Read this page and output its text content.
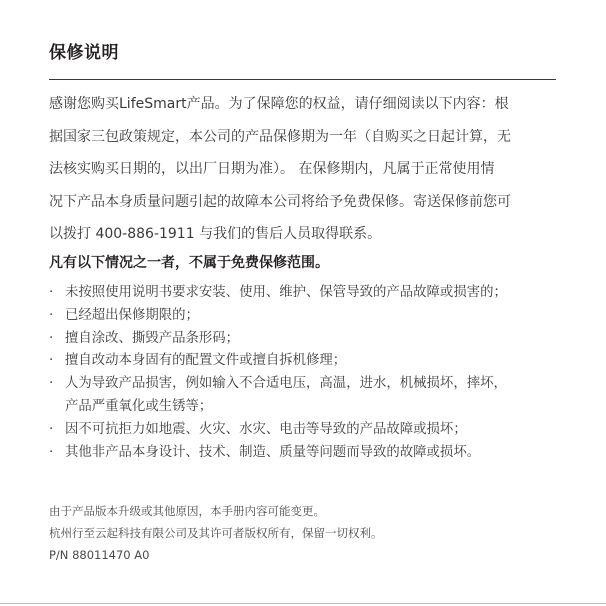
保修说明
感谢您购买LifeSmart产品。为了保障您的权益，请仔细阅读以下内容：根
据国家三包政策规定，本公司的产品保修期为一年（自购买之日起计算，无
法核实购买日期的，以出厂日期为准）。 在保修期内，凡属于正常使用情
况下产品本身质量问题引起的故障本公司将给予免费保修。寄送保修前您可
以拨打 400-886-1911 与我们的售后人员取得联系。
凡有以下情况之一者，不属于免费保修范围。
· 未按照使用说明书要求安装、使用、维护、保管导致的产品故障或损害的；
· 已经超出保修期限的；
· 擅自涂改、撕毁产品条形码；
· 擅自改动本身固有的配置文件或擅自拆机修理；
· 人为导致产品损害，例如输入不合适电压，高温，进水，机械损坏，摔坏，
产品严重氧化或生锈等；
· 因不可抗拒力如地震、火灾、水灾、电击等导致的产品故障或损坏；
· 其他非产品本身设计、技术、制造、质量等问题而导致的故障或损坏。
由于产品版本升级或其他原因，本手册内容可能变更。
杭州行至云起科技有限公司及其许可者版权所有，保留一切权利。
P/N 88011470 A0
